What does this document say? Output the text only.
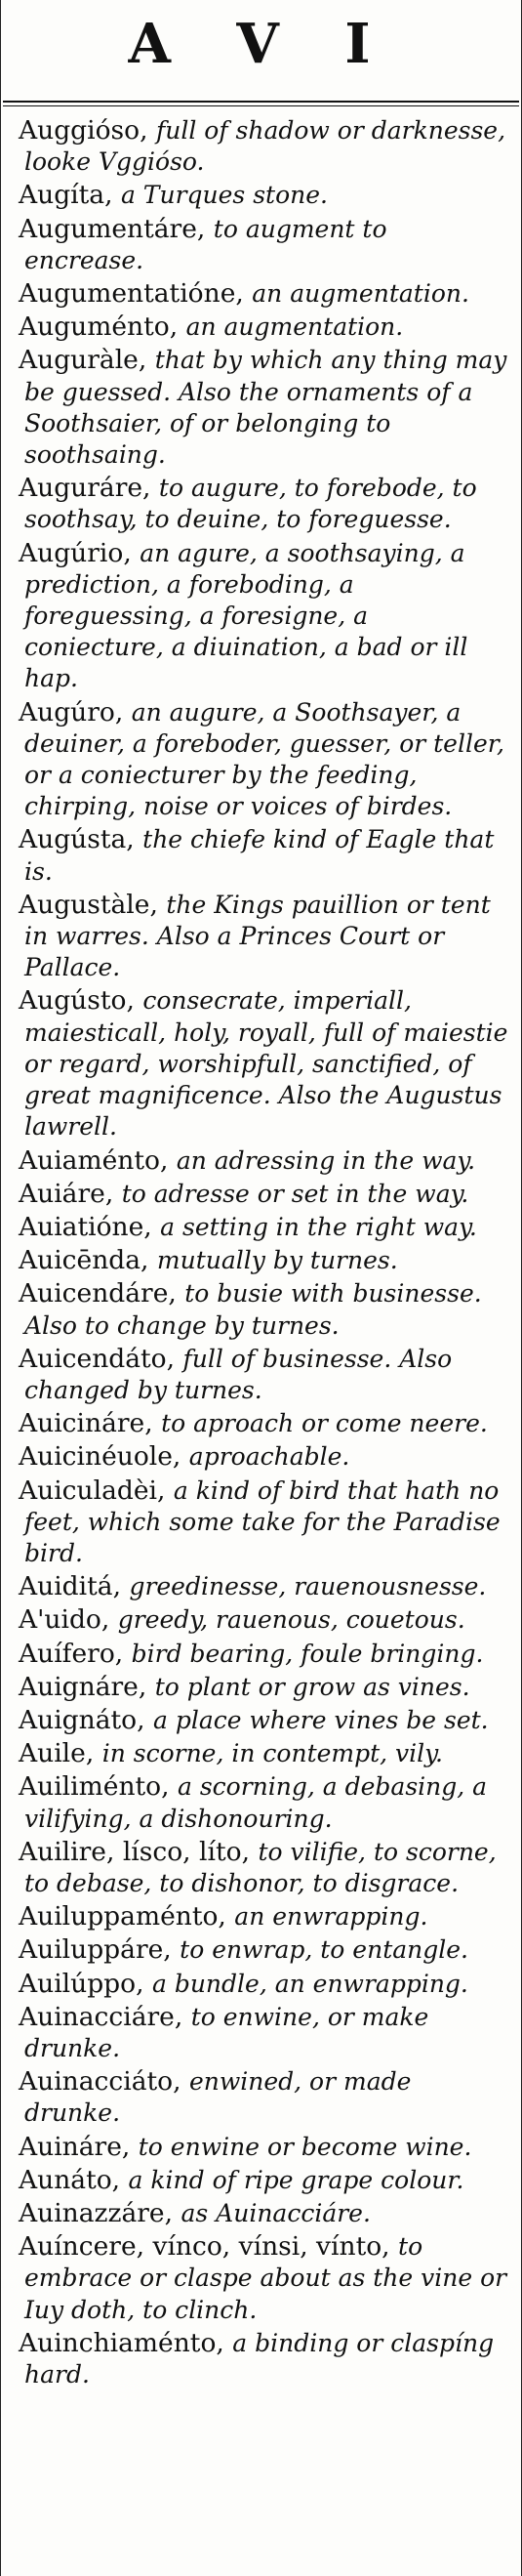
A V I
Auggióso, full of shadow or darknesse, looke Vggióso.
Augíta, a Turques stone.
Augumentáre, to augment to encrease.
Augumentatióne, an augmentation.
Auguménto, an augmentation.
Auguràle, that by which any thing may be guessed. Also the ornaments of a Soothsaier, of or belonging to soothsaing.
Auguráre, to augure, to forebode, to soothsay, to deuine, to foreguesse.
Augúrio, an agure, a soothsaying, a prediction, a foreboding, a foreguessing, a foresigne, a coniecture, a diuination, a bad or ill hap.
Augúro, an augure, a Soothsayer, a deuiner, a foreboder, guesser, or teller, or a coniecturer by the feeding, chirping, noise or voices of birdes.
Augústa, the chiefe kind of Eagle that is.
Augustàle, the Kings pauillion or tent in warres. Also a Princes Court or Pallace.
Augústo, consecrate, imperiall, maiesticall, holy, royall, full of maiestie or regard, worshipfull, sanctified, of great magnificence. Also the Augustus lawrell.
Auiaménto, an adressing in the way.
Auiáre, to adresse or set in the way.
Auiatióne, a setting in the right way.
Auicēnda, mutually by turnes.
Auicendáre, to busie with businesse. Also to change by turnes.
Auicendáto, full of businesse. Also changed by turnes.
Auicináre, to aproach or come neere.
Auicinéuole, aproachable.
Auiculadèi, a kind of bird that hath no feet, which some take for the Paradise bird.
Auiditá, greedinesse, rauenousnesse.
A'uido, greedy, rauenous, couetous.
Auífero, bird bearing, foule bringing.
Auignáre, to plant or grow as vines.
Auignáto, a place where vines be set.
Auile, in scorne, in contempt, vily.
Auiliménto, a scorning, a debasing, a vilifying, a dishonouring.
Auilire, lísco, líto, to vilifie, to scorne, to debase, to dishonor, to disgrace.
Auiluppaménto, an enwrapping.
Auiluppáre, to enwrap, to entangle.
Auilúppo, a bundle, an enwrapping.
Auinacciáre, to enwine, or make drunke.
Auinacciáto, enwined, or made drunke.
Auináre, to enwine or become wine.
Aunáto, a kind of ripe grape colour.
Auinazzáre, as Auinacciáre.
Auíncere, vínco, vínsi, vínto, to embrace or claspe about as the vine or Iuy doth, to clinch.
Auinchiaménto, a binding or claspíng hard.
